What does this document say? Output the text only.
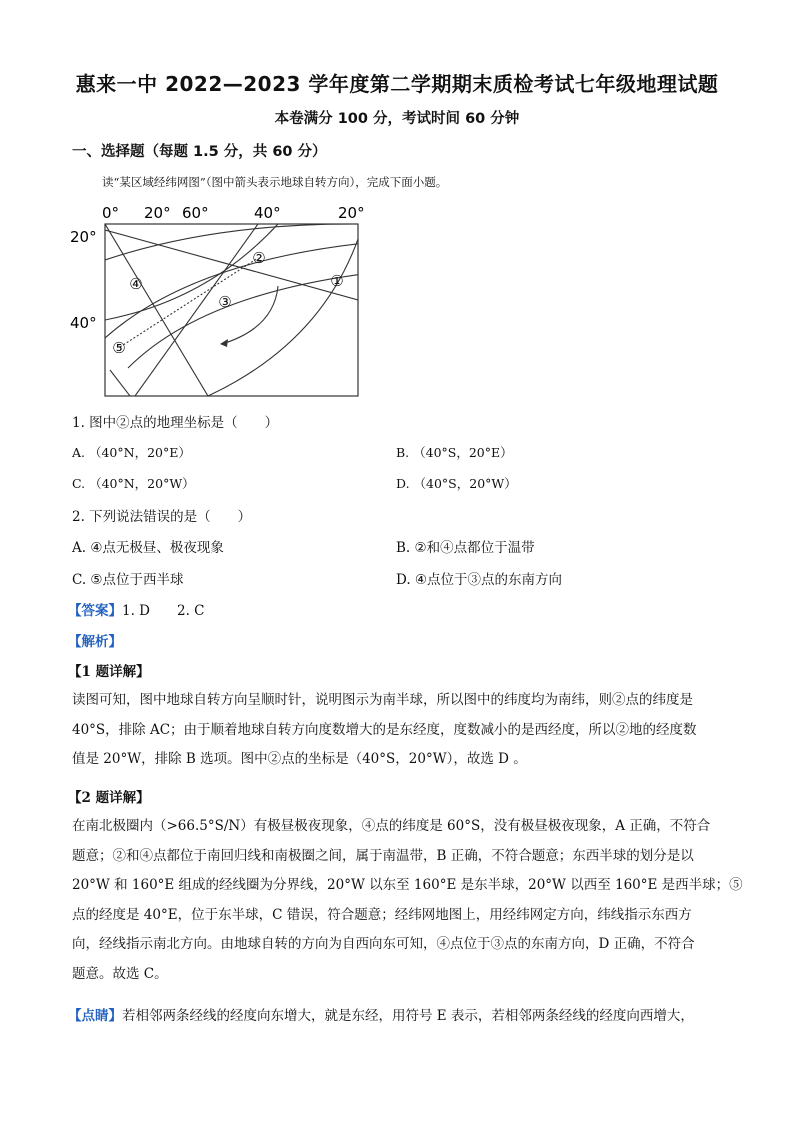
惠来一中 2022—2023 学年度第二学期期末质检考试七年级地理试题
本卷满分 100 分，考试时间 60 分钟
一、选择题（每题 1.5 分，共 60 分）
读“某区域经纬网图”（图中箭头表示地球自转方向），完成下面小题。
0° 20° 60°	40°	20°
20°
40°
①
②
③
④
⑤
1. 图中②点的地理坐标是（　　）
A. （40°N，20°E）	B. （40°S，20°E）
C. （40°N，20°W）	D. （40°S，20°W）
2. 下列说法错误的是（　　）
A. ④点无极昼、极夜现象	B. ②和④点都位于温带
C. ⑤点位于西半球	D. ④点位于③点的东南方向
【答案】1. D　　2. C
【解析】
【1 题详解】
读图可知，图中地球自转方向呈顺时针，说明图示为南半球，所以图中的纬度均为南纬，则②点的纬度是
40°S，排除 AC；由于顺着地球自转方向度数增大的是东经度，度数减小的是西经度，所以②地的经度数
值是 20°W，排除 B 选项。图中②点的坐标是（40°S，20°W），故选 D 。
【2 题详解】
在南北极圈内（>66.5°S/N）有极昼极夜现象，④点的纬度是 60°S，没有极昼极夜现象，A 正确，不符合
题意；②和④点都位于南回归线和南极圈之间，属于南温带，B 正确，不符合题意；东西半球的划分是以
20°W 和 160°E 组成的经线圈为分界线，20°W 以东至 160°E 是东半球，20°W 以西至 160°E 是西半球；⑤
点的经度是 40°E，位于东半球，C 错误，符合题意；经纬网地图上，用经纬网定方向，纬线指示东西方
向，经线指示南北方向。由地球自转的方向为自西向东可知，④点位于③点的东南方向，D 正确，不符合
题意。故选 C。
【点睛】若相邻两条经线的经度向东增大，就是东经，用符号 E 表示，若相邻两条经线的经度向西增大，
